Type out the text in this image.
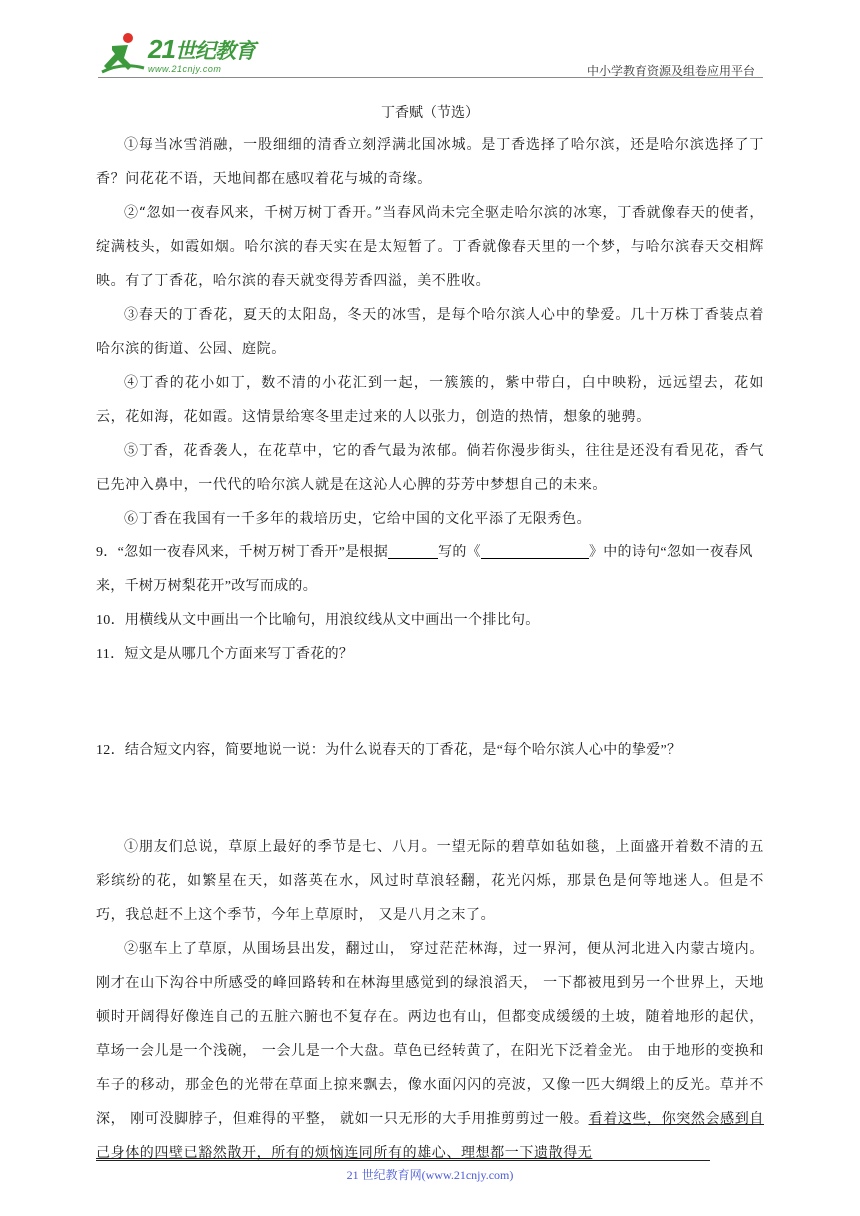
21世纪教育
www.21cnjy.com	中小学教育资源及组卷应用平台
丁香赋（节选）

①每当冰雪消融，一股细细的清香立刻浮满北国冰城。是丁香选择了哈尔滨，还是哈尔滨选择了丁香？问花花不语，天地间都在感叹着花与城的奇缘。

②“忽如一夜春风来，千树万树丁香开。”当春风尚未完全驱走哈尔滨的冰寒，丁香就像春天的使者，绽满枝头，如霞如烟。哈尔滨的春天实在是太短暂了。丁香就像春天里的一个梦，与哈尔滨春天交相辉映。有了丁香花，哈尔滨的春天就变得芳香四溢，美不胜收。

③春天的丁香花，夏天的太阳岛，冬天的冰雪，是每个哈尔滨人心中的挚爱。几十万株丁香装点着哈尔滨的街道、公园、庭院。

④丁香的花小如丁，数不清的小花汇到一起，一簇簇的，紫中带白，白中映粉，远远望去，花如云，花如海，花如霞。这情景给寒冬里走过来的人以张力，创造的热情，想象的驰骋。

⑤丁香，花香袭人，在花草中，它的香气最为浓郁。倘若你漫步街头，往往是还没有看见花，香气已先冲入鼻中，一代代的哈尔滨人就是在这沁人心脾的芬芳中梦想自己的未来。

⑥丁香在我国有一千多年的栽培历史，它给中国的文化平添了无限秀色。

9．“忽如一夜春风来，千树万树丁香开”是根据	写的《	》中的诗句“忽如一夜春风来，千树万树梨花开”改写而成的。

10．用横线从文中画出一个比喻句，用浪纹线从文中画出一个排比句。

11．短文是从哪几个方面来写丁香花的？

12．结合短文内容，简要地说一说：为什么说春天的丁香花，是“每个哈尔滨人心中的挚爱”？

①朋友们总说，草原上最好的季节是七、八月。一望无际的碧草如毡如毯，上面盛开着数不清的五彩缤纷的花，如繁星在天，如落英在水，风过时草浪轻翻，花光闪烁，那景色是何等地迷人。但是不巧，我总赶不上这个季节，今年上草原时， 又是八月之末了。

②驱车上了草原，从围场县出发，翻过山， 穿过茫茫林海，过一界河，便从河北进入内蒙古境内。刚才在山下沟谷中所感受的峰回路转和在林海里感觉到的绿浪滔天， 一下都被甩到另一个世界上，天地顿时开阔得好像连自己的五脏六腑也不复存在。两边也有山，但都变成缓缓的土坡，随着地形的起伏，草场一会儿是一个浅碗， 一会儿是一个大盘。草色已经转黄了，在阳光下泛着金光。 由于地形的变换和车子的移动，那金色的光带在草面上掠来飘去，像水面闪闪的亮波，又像一匹大绸缎上的反光。草并不深， 刚可没脚脖子，但难得的平整， 就如一只无形的大手用推剪剪过一般。看着这些，你突然会感到自己身体的四壁已豁然散开，所有的烦恼连同所有的雄心、理想都一下遗散得无

21 世纪教育网(www.21cnjy.com)
